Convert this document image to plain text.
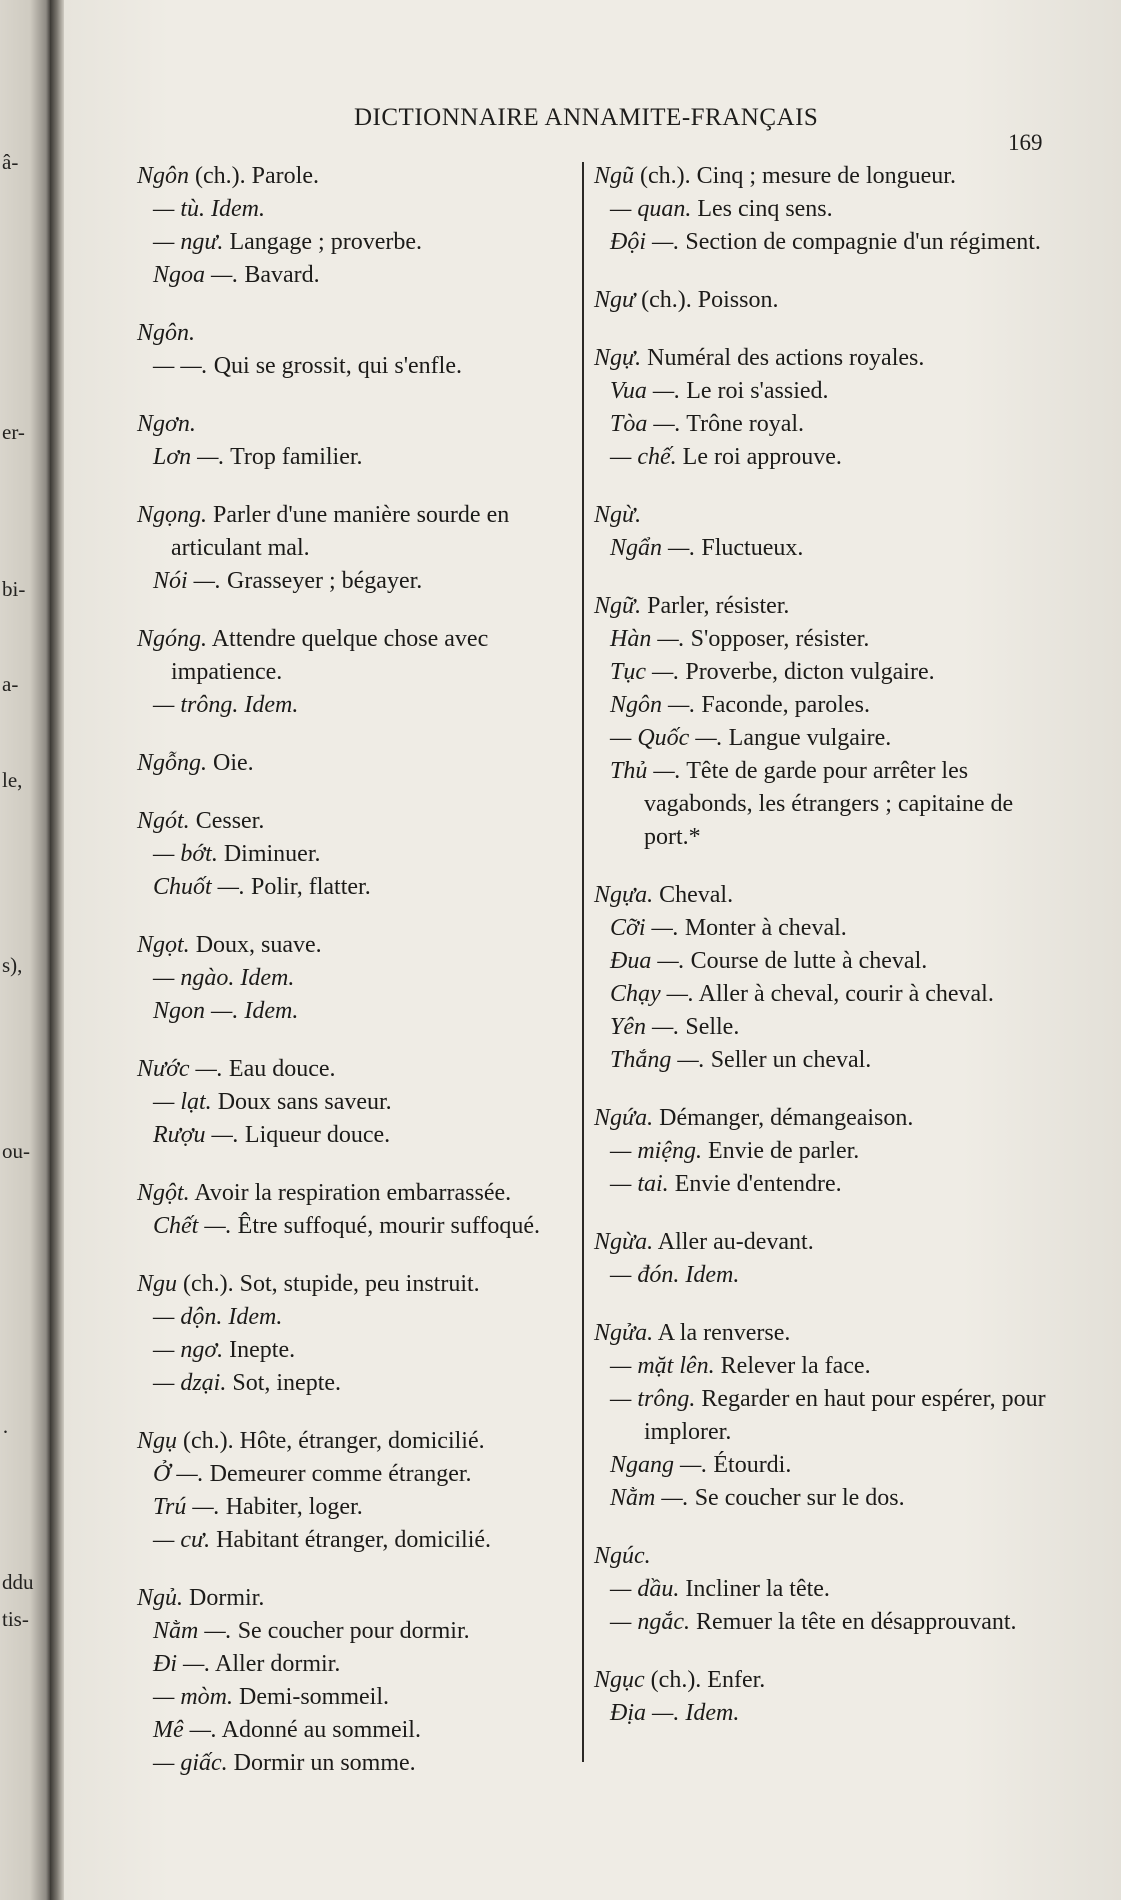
DICTIONNAIRE ANNAMITE-FRANÇAIS
169
Ngôn (ch.). Parole.
— tù. Idem.
— ngư. Langage ; proverbe.
Ngoa —. Bavard.
Ngôn.
— —. Qui se grossit, qui s'enfle.
Ngơn.
Lơn —. Trop familier.
Ngọng. Parler d'une manière sourde en articulant mal.
Nói —. Grasseyer ; bégayer.
Ngóng. Attendre quelque chose avec impatience.
— trông. Idem.
Ngỗng. Oie.
Ngót. Cesser.
— bớt. Diminuer.
Chuốt —. Polir, flatter.
Ngọt. Doux, suave.
— ngào. Idem.
Ngon —. Idem.
Nước —. Eau douce.
— lạt. Doux sans saveur.
Rượu —. Liqueur douce.
Ngột. Avoir la respiration embarrassée.
Chết —. Être suffoqué, mourir suffoqué.
Ngu (ch.). Sot, stupide, peu instruit.
— dộn. Idem.
— ngơ. Inepte.
— dzại. Sot, inepte.
Ngụ (ch.). Hôte, étranger, domicilié.
Ở —. Demeurer comme étranger.
Trú —. Habiter, loger.
— cư. Habitant étranger, domicilié.
Ngủ. Dormir.
Nằm —. Se coucher pour dormir.
Đi —. Aller dormir.
— mòm. Demi-sommeil.
Mê —. Adonné au sommeil.
— giấc. Dormir un somme.
Ngũ (ch.). Cinq ; mesure de longueur.
— quan. Les cinq sens.
Đội —. Section de compagnie d'un régiment.
Ngư (ch.). Poisson.
Ngự. Numéral des actions royales.
Vua —. Le roi s'assied.
Tòa —. Trône royal.
— chế. Le roi approuve.
Ngừ.
Ngẩn —. Fluctueux.
Ngữ. Parler, résister.
Hàn —. S'opposer, résister.
Tục —. Proverbe, dicton vulgaire.
Ngôn —. Faconde, paroles.
— Quốc —. Langue vulgaire.
Thủ —. Tête de garde pour arrêter les vagabonds, les étrangers ; capitaine de port.*
Ngựa. Cheval.
Cỡi —. Monter à cheval.
Đua —. Course de lutte à cheval.
Chạy —. Aller à cheval, courir à cheval.
Yên —. Selle.
Thắng —. Seller un cheval.
Ngứa. Démanger, démangeaison.
— miệng. Envie de parler.
— tai. Envie d'entendre.
Ngừa. Aller au-devant.
— đón. Idem.
Ngửa. A la renverse.
— mặt lên. Relever la face.
— trông. Regarder en haut pour espérer, pour implorer.
Ngang —. Étourdi.
Nằm —. Se coucher sur le dos.
Ngúc.
— dầu. Incliner la tête.
— ngắc. Remuer la tête en désapprouvant.
Ngục (ch.). Enfer.
Địa —. Idem.
â-
er-
bi-
a-
le,
s),
ou-
·
ddu
tis-
